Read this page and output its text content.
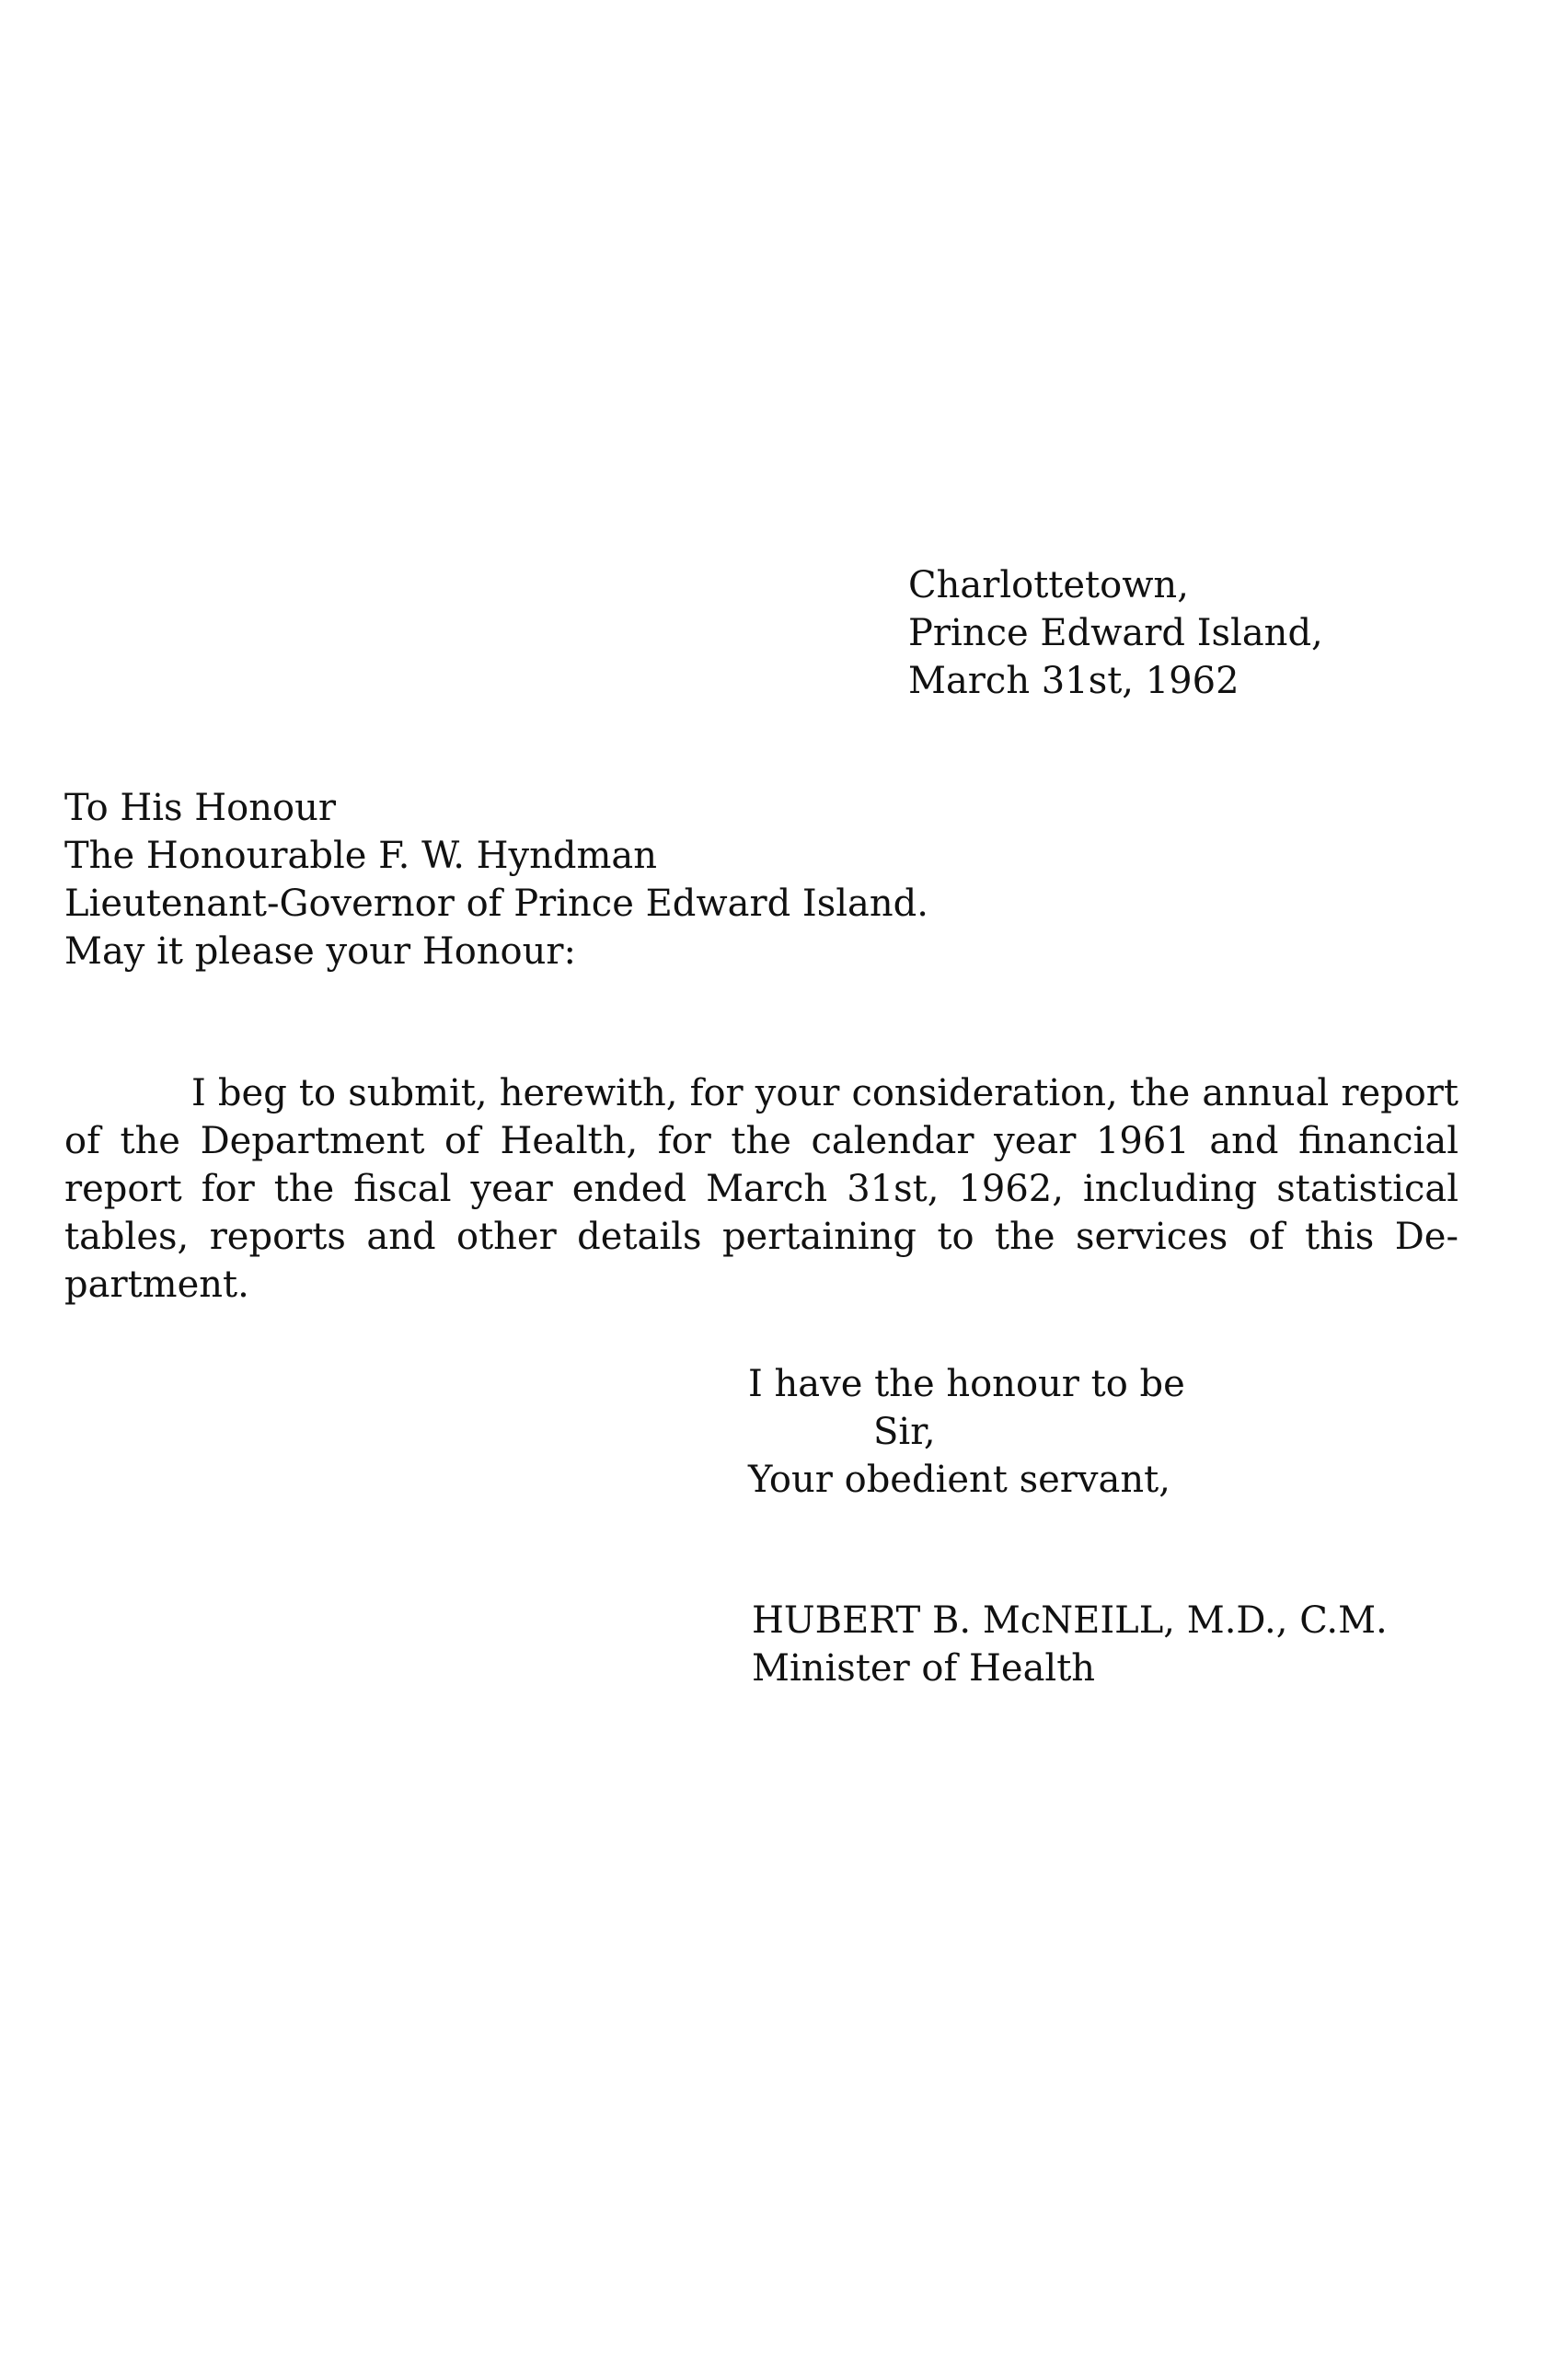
Charlottetown,
Prince Edward Island,
March 31st, 1962
To His Honour
The Honourable F. W. Hyndman
Lieutenant-Governor of Prince Edward Island.
May it please your Honour:

I beg to submit, herewith, for your consideration, the annual report of the Department of Health, for the calendar year 1961 and financial report for the fiscal year ended March 31st, 1962, including statistical tables, reports and other details pertaining to the services of this Department.

I have the honour to be
Sir,
Your obedient servant,
HUBERT B. McNEILL, M.D., C.M.
Minister of Health
